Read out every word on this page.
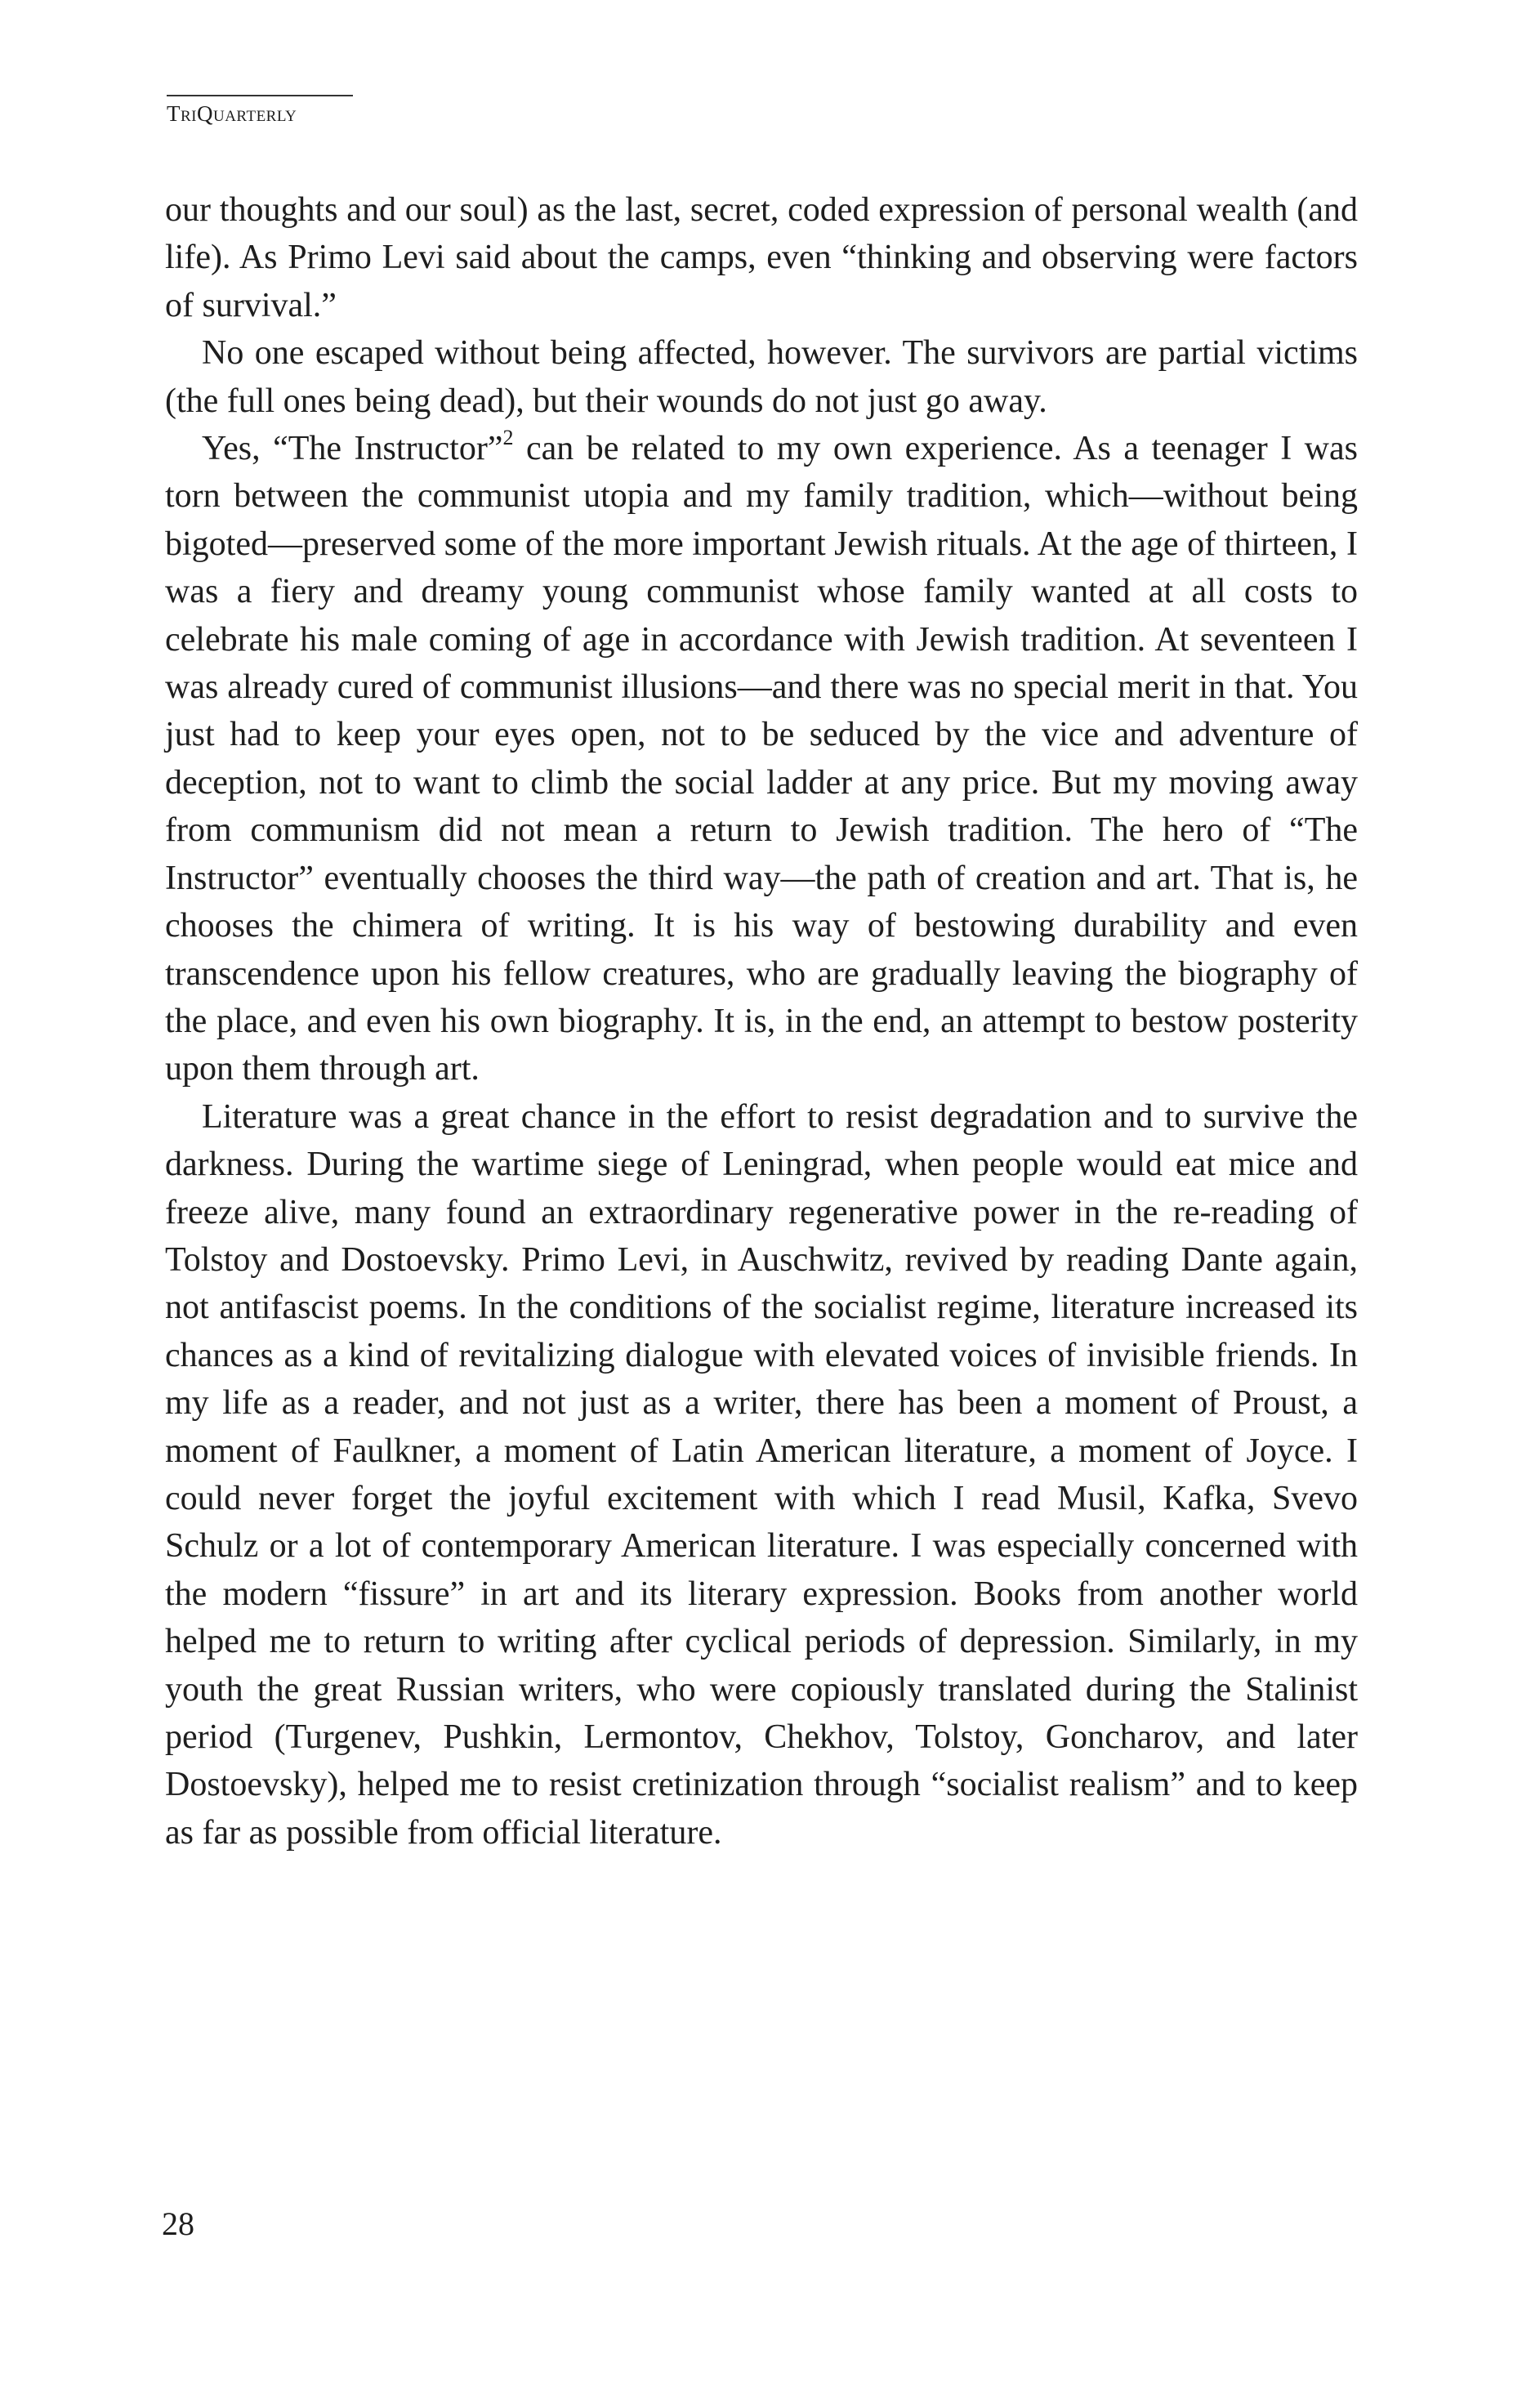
TriQuarterly

our thoughts and our soul) as the last, secret, coded expression of personal wealth (and life). As Primo Levi said about the camps, even “thinking and observing were factors of survival.”

No one escaped without being affected, however. The survivors are partial victims (the full ones being dead), but their wounds do not just go away.

Yes, “The Instructor”$^2$ can be related to my own experience. As a teenager I was torn between the communist utopia and my family tradition, which—without being bigoted—preserved some of the more important Jewish rituals. At the age of thirteen, I was a fiery and dreamy young communist whose family wanted at all costs to celebrate his male coming of age in accordance with Jewish tradition. At seventeen I was already cured of communist illusions—and there was no special merit in that. You just had to keep your eyes open, not to be seduced by the vice and adventure of deception, not to want to climb the social ladder at any price. But my moving away from communism did not mean a return to Jewish tradition. The hero of “The Instructor” eventually chooses the third way—the path of creation and art. That is, he chooses the chimera of writing. It is his way of bestowing durability and even transcendence upon his fellow creatures, who are gradually leaving the biography of the place, and even his own biography. It is, in the end, an attempt to bestow posterity upon them through art.

Literature was a great chance in the effort to resist degradation and to survive the darkness. During the wartime siege of Leningrad, when people would eat mice and freeze alive, many found an extraordinary regenerative power in the re-reading of Tolstoy and Dostoevsky. Primo Levi, in Auschwitz, revived by reading Dante again, not antifascist poems. In the conditions of the socialist regime, literature increased its chances as a kind of revitalizing dialogue with elevated voices of invisible friends. In my life as a reader, and not just as a writer, there has been a moment of Proust, a moment of Faulkner, a moment of Latin American literature, a moment of Joyce. I could never forget the joyful excitement with which I read Musil, Kafka, Svevo Schulz or a lot of contemporary American literature. I was especially concerned with the modern “fissure” in art and its literary expression. Books from another world helped me to return to writing after cyclical periods of depression. Similarly, in my youth the great Russian writers, who were copiously translated during the Stalinist period (Turgenev, Pushkin, Lermontov, Chekhov, Tolstoy, Goncharov, and later Dostoevsky), helped me to resist cretinization through “socialist realism” and to keep as far as possible from official literature.

28
